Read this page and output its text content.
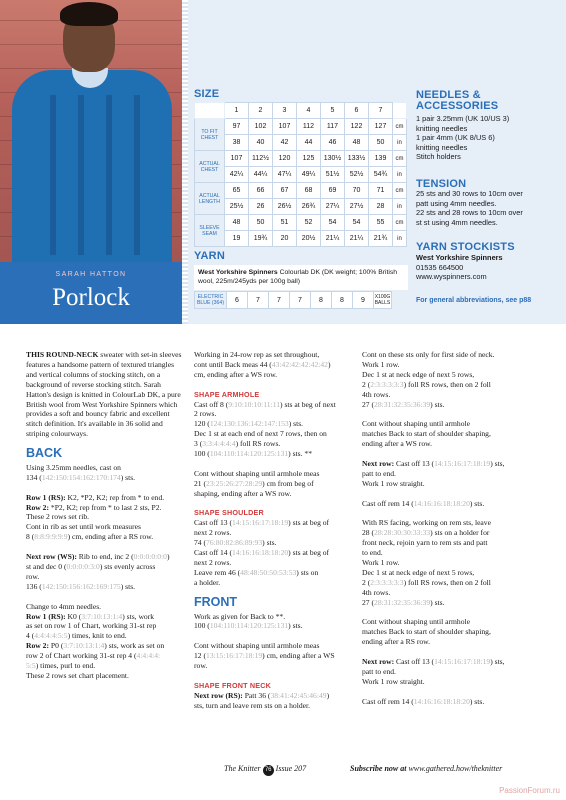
SARAH HATTON
Porlock
SIZE
	1	2	3	4	5	6	7	
TO FIT CHEST	97	102	107	112	117	122	127	cm
	38	40	42	44	46	48	50	in
ACTUAL CHEST	107	112½	120	125	130½	133½	139	cm
	42¼	44¼	47¼	49¼	51½	52½	54¾	in
ACTUAL LENGTH	65	66	67	68	69	70	71	cm
	25½	26	26½	26¾	27¼	27½	28	in
SLEEVE SEAM	48	50	51	52	54	54	55	cm
	19	19¾	20	20½	21¼	21¼	21¾	in
YARN
West Yorkshire Spinners Colourlab DK (DK weight; 100% British wool, 225m/245yds per 100g ball)
ELECTRIC BLUE (364)	6	7	7	7	8	8	9	X100G BALLS
NEEDLES & ACCESSORIES
1 pair 3.25mm (UK 10/US 3) knitting needles
1 pair 4mm (UK 8/US 6) knitting needles
Stitch holders
TENSION
25 sts and 30 rows to 10cm over patt using 4mm needles.
22 sts and 28 rows to 10cm over st st using 4mm needles.
YARN STOCKISTS
West Yorkshire Spinners
01535 664500
www.wyspinners.com
For general abbreviations, see p88

THIS ROUND-NECK sweater with set-in sleeves features a handsome pattern of textured triangles and vertical columns of stocking stitch, on a background of reverse stocking stitch. Sarah Hatton's design is knitted in ColourLab DK, a pure British wool from West Yorkshire Spinners which provides a soft and bouncy fabric and excellent stitch definition. It's available in 36 solid and striping colourways.

BACK

Using 3.25mm needles, cast on
134 (142:150:154:162:170:174) sts.

Row 1 (RS): K2, *P2, K2; rep from * to end.
Row 2: *P2, K2; rep from * to last 2 sts, P2.
These 2 rows set rib.
Cont in rib as set until work measures
8 (8:8:9:9:9:9) cm, ending after a RS row.

Next row (WS): Rib to end, inc 2 (0:0:0:0:0:0)
st and dec 0 (0:0:0:0:3:0) sts evenly across
row.
136 (142:150:156:162:169:175) sts.

Change to 4mm needles.
Row 1 (RS): K0 (3:7:10:13:1:4) sts, work
as set on row 1 of Chart, working 31-st rep
4 (4:4:4:4:5:5) times, knit to end.
Row 2: P0 (3:7:10:13:1:4) sts, work as set on
row 2 of Chart working 31-st rep 4 (4:4:4:4:
5:5) times, purl to end.
These 2 rows set chart placement.

Working in 24-row rep as set throughout,
cont until Back meas 44 (43:42:42:42:42:42)
cm, ending after a WS row.

SHAPE ARMHOLE

Cast off 8 (9:10:10:10:11:11) sts at beg of next
2 rows.
120 (124:130:136:142:147:153) sts.
Dec 1 st at each end of next 7 rows, then on
3 (3:3:4:4:4:4) foll RS rows.
100 (104:110:114:120:125:131) sts. **

Cont without shaping until armhole meas
21 (23:25:26:27:28:29) cm from beg of
shaping, ending after a WS row.

SHAPE SHOULDER

Cast off 13 (14:15:16:17:18:19) sts at beg of
next 2 rows.
74 (76:80:82:86:89:93) sts.
Cast off 14 (14:16:16:18:18:20) sts at beg of
next 2 rows.
Leave rem 46 (48:48:50:50:53:53) sts on
a holder.

FRONT

Work as given for Back to **.
100 (104:110:114:120:125:131) sts.

Cont without shaping until armhole meas
12 (13:15:16:17:18:19) cm, ending after a WS
row.

SHAPE FRONT NECK

Next row (RS): Patt 36 (38:41:42:45:46:49)
sts, turn and leave rem sts on a holder.

Cont on these sts only for first side of neck.
Work 1 row.
Dec 1 st at neck edge of next 5 rows,
2 (2:3:3:3:3:3) foll RS rows, then on 2 foll
4th rows.
27 (28:31:32:35:36:39) sts.

Cont without shaping until armhole
matches Back to start of shoulder shaping,
ending after a WS row.

Next row: Cast off 13 (14:15:16:17:18:19) sts,
patt to end.
Work 1 row straight.

Cast off rem 14 (14:16:16:18:18:20) sts.

With RS facing, working on rem sts, leave
28 (28:28:30:30:33:33) sts on a holder for
front neck, rejoin yarn to rem sts and patt
to end.
Work 1 row.
Dec 1 st at neck edge of next 5 rows,
2 (2:3:3:3:3:3) foll RS rows, then on 2 foll
4th rows.
27 (28:31:32:35:36:39) sts.

Cont without shaping until armhole
matches Back to start of shoulder shaping,
ending after a RS row.

Next row: Cast off 13 (14:15:16:17:18:19) sts,
patt to end.
Work 1 row straight.

Cast off rem 14 (14:16:16:18:18:20) sts.

The Knitter 76 Issue 207	Subscribe now at www.gathered.how/theknitter
PassionForum.ru
